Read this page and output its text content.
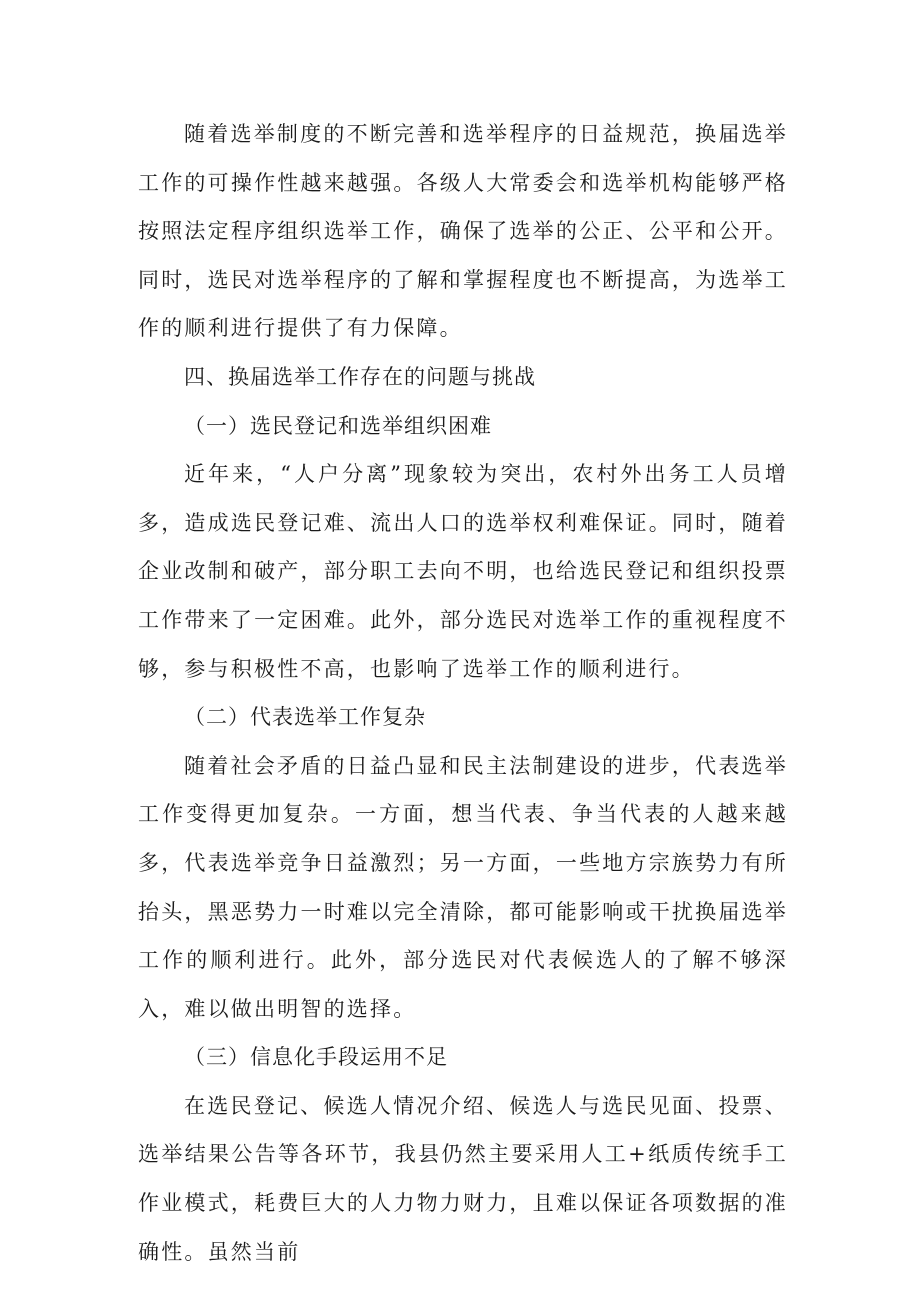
随着选举制度的不断完善和选举程序的日益规范，换届选举工作的可操作性越来越强。各级人大常委会和选举机构能够严格按照法定程序组织选举工作，确保了选举的公正、公平和公开。同时，选民对选举程序的了解和掌握程度也不断提高，为选举工作的顺利进行提供了有力保障。

四、换届选举工作存在的问题与挑战

（一）选民登记和选举组织困难

近年来，“人户分离”现象较为突出，农村外出务工人员增多，造成选民登记难、流出人口的选举权利难保证。同时，随着企业改制和破产，部分职工去向不明，也给选民登记和组织投票工作带来了一定困难。此外，部分选民对选举工作的重视程度不够，参与积极性不高，也影响了选举工作的顺利进行。

（二）代表选举工作复杂

随着社会矛盾的日益凸显和民主法制建设的进步，代表选举工作变得更加复杂。一方面，想当代表、争当代表的人越来越多，代表选举竞争日益激烈；另一方面，一些地方宗族势力有所抬头，黑恶势力一时难以完全清除，都可能影响或干扰换届选举工作的顺利进行。此外，部分选民对代表候选人的了解不够深入，难以做出明智的选择。

（三）信息化手段运用不足

在选民登记、候选人情况介绍、候选人与选民见面、投票、选举结果公告等各环节，我县仍然主要采用人工+纸质传统手工作业模式，耗费巨大的人力物力财力，且难以保证各项数据的准确性。虽然当前
